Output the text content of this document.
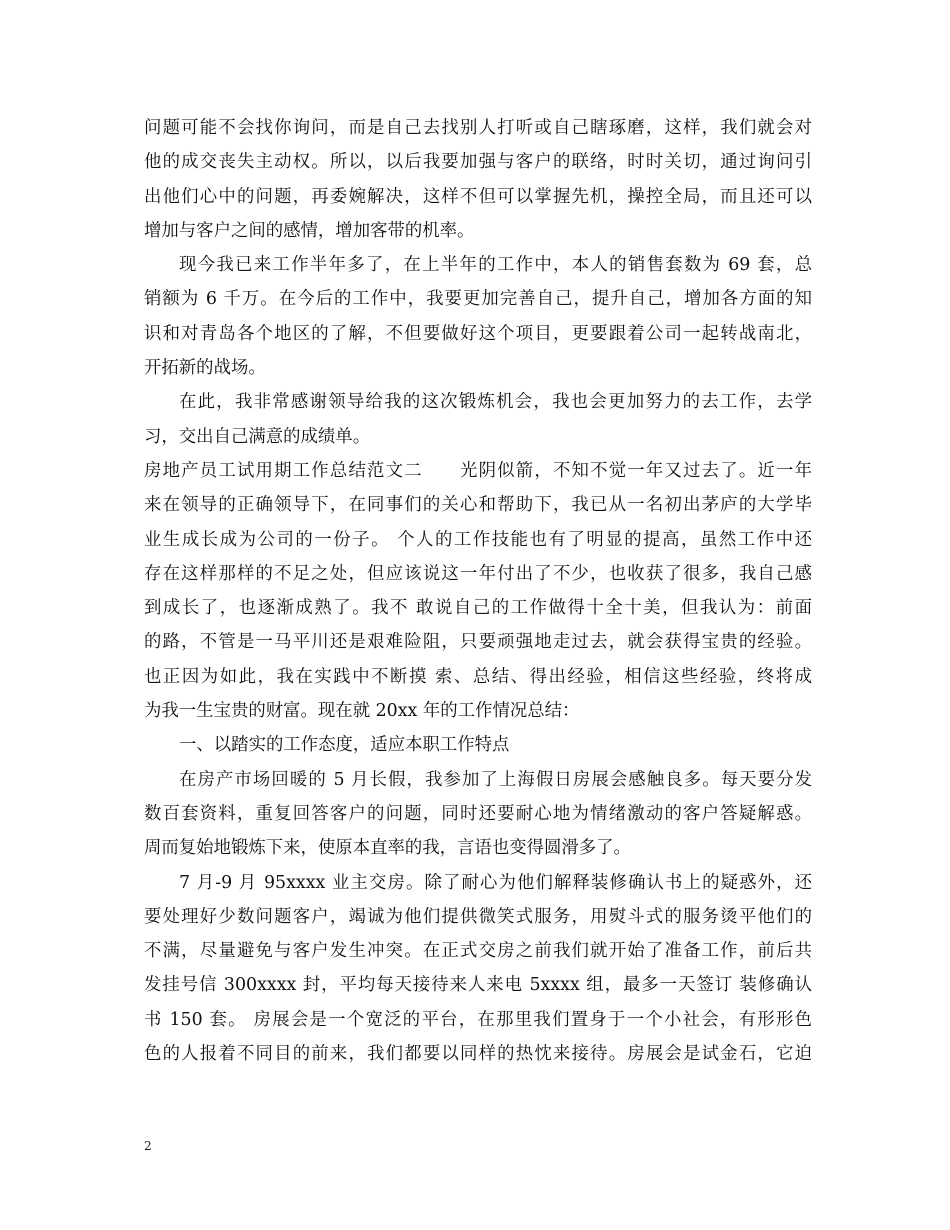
问题可能不会找你询问，而是自己去找别人打听或自己瞎琢磨，这样，我们就会对
他的成交丧失主动权。所以，以后我要加强与客户的联络，时时关切，通过询问引
出他们心中的问题，再委婉解决，这样不但可以掌握先机，操控全局，而且还可以
增加与客户之间的感情，增加客带的机率。
现今我已来工作半年多了，在上半年的工作中，本人的销售套数为 69 套，总
销额为 6 千万。在今后的工作中，我要更加完善自己，提升自己，增加各方面的知
识和对青岛各个地区的了解，不但要做好这个项目，更要跟着公司一起转战南北，
开拓新的战场。
在此，我非常感谢领导给我的这次锻炼机会，我也会更加努力的去工作，去学
习，交出自己满意的成绩单。
房地产员工试用期工作总结范文二　　光阴似箭，不知不觉一年又过去了。近一年
来在领导的正确领导下，在同事们的关心和帮助下，我已从一名初出茅庐的大学毕
业生成长成为公司的一份子。 个人的工作技能也有了明显的提高，虽然工作中还
存在这样那样的不足之处，但应该说这一年付出了不少，也收获了很多，我自己感
到成长了，也逐渐成熟了。我不 敢说自己的工作做得十全十美，但我认为：前面
的路，不管是一马平川还是艰难险阻，只要顽强地走过去，就会获得宝贵的经验。
也正因为如此，我在实践中不断摸 索、总结、得出经验，相信这些经验，终将成
为我一生宝贵的财富。现在就 20xx 年的工作情况总结：
一、以踏实的工作态度，适应本职工作特点
在房产市场回暖的 5 月长假，我参加了上海假日房展会感触良多。每天要分发
数百套资料，重复回答客户的问题，同时还要耐心地为情绪激动的客户答疑解惑。
周而复始地锻炼下来，使原本直率的我，言语也变得圆滑多了。
7 月-9 月 95xxxx 业主交房。除了耐心为他们解释装修确认书上的疑惑外，还
要处理好少数问题客户，竭诚为他们提供微笑式服务，用熨斗式的服务烫平他们的
不满，尽量避免与客户发生冲突。在正式交房之前我们就开始了准备工作，前后共
发挂号信 300xxxx 封，平均每天接待来人来电 5xxxx 组，最多一天签订 装修确认
书 150 套。 房展会是一个宽泛的平台，在那里我们置身于一个小社会，有形形色
色的人报着不同目的前来，我们都要以同样的热忱来接待。房展会是试金石，它迫
2
